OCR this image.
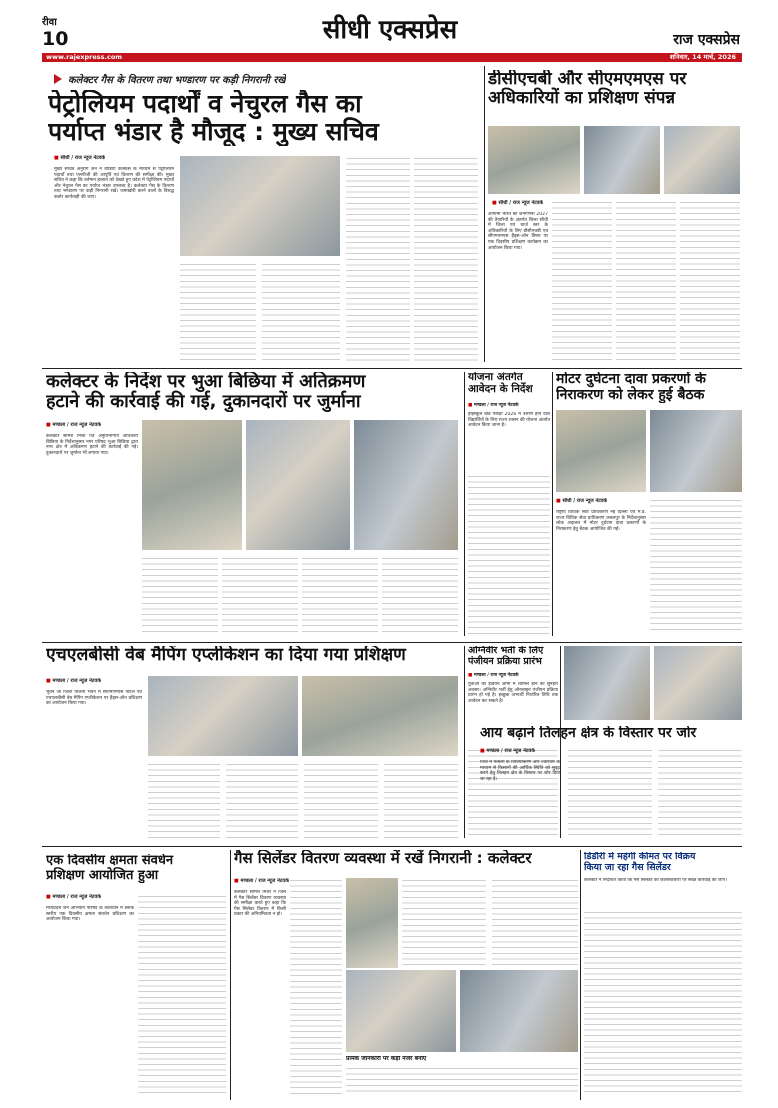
रीवा
10	सीधी एक्सप्रेस	राज एक्सप्रेस
www.rajexpress.com	शनिवार, 14 मार्च, 2026
कलेक्टर गैस के वितरण तथा भण्डारण पर कड़ी निगरानी रखें
पेट्रोलियम पदार्थों व नेचुरल गैस का
पर्याप्त भंडार है मौजूद : मुख्य सचिव
■ सीधी / राज न्यूज नेटवर्क
मुख्य सचिव अनुराग जैन ने वीडियो कॉन्फ्रेंस के माध्यम से पेट्रोलियम पदार्थों तथा एलपीजी की आपूर्ति एवं वितरण की समीक्षा की। मुख्य सचिव ने कहा कि वर्तमान हालात को देखते हुए प्रदेश में पेट्रोलियम पदार्थों और नेचुरल गैस का पर्याप्त भंडार उपलब्ध है। कलेक्टर गैस के वितरण तथा भण्डारण पर कड़ी निगरानी रखें। जमाखोरी करने वालों के विरुद्ध कठोर कार्यवाही की जाए।
डीसीएचबी और सीएमएमएस पर
अधिकारियों का प्रशिक्षण संपन्न
■ सीधी / राज न्यूज नेटवर्क
आगामी भारत की जनगणना 2027 की तैयारियों के अंतर्गत जिला सीधी में जिला एवं चार्ज स्तर के अधिकारियों के लिए डीसीएचबी एवं सीएमएमएस हैंड्स-ऑन विषय पर एक दिवसीय प्रशिक्षण कार्यक्रम का आयोजन किया गया।
कलेक्टर के निर्देश पर भुआ बिछिया में अतिक्रमण
हटाने की कार्रवाई की गई, दुकानदारों पर जुर्माना
■ मण्डला / राज न्यूज नेटवर्क
कलेक्टर सोमेश मिश्रा एवं अनुविभागीय अधिकारी बिछिया के निर्देशानुसार नगर परिषद भुआ बिछिया द्वारा नगर क्षेत्र में अतिक्रमण हटाने की कार्रवाई की गई। दुकानदारों पर जुर्माना भी लगाया गया।
योजना अंतर्गत
आवेदन के निर्देश
■ मण्डला / राज न्यूज नेटवर्क
हाईस्कूल बोर्ड परीक्षा 2026 में उत्तीर्ण होने वाले विद्यार्थियों के लिए राज्य शासन की योजना अंतर्गत आवेदन किया जाना है।
मोटर दुर्घटना दावा प्रकरणों के
निराकरण को लेकर हुई बैठक
■ सीधी / राज न्यूज नेटवर्क
राष्ट्रीय विधिक सेवा प्राधिकरण नई दिल्ली एवं म.प्र. राज्य विधिक सेवा प्राधिकरण जबलपुर के निर्देशानुसार लोक अदालत में मोटर दुर्घटना दावा प्रकरणों के निराकरण हेतु बैठक आयोजित की गई।
एचएलबीसी वेब मैपिंग एप्लीकेशन का दिया गया प्रशिक्षण
■ मण्डला / राज न्यूज नेटवर्क
भुवन जी जिला योजना भवन में सीएमएमएस पोर्टल एवं एचएलबीसी वेब मैपिंग एप्लीकेशन पर हैंड्स-ऑन प्रशिक्षण का आयोजन किया गया।
अग्निवीर भर्ती के लिए
पंजीयन प्रक्रिया प्रारंभ
■ मण्डला / राज न्यूज नेटवर्क
युवाओं को इंडियन आर्मी में शामिल होने का सुनहरा अवसर। अग्निवीर भर्ती हेतु ऑनलाइन पंजीयन प्रक्रिया प्रारंभ हो गई है। इच्छुक अभ्यर्थी निर्धारित तिथि तक आवेदन कर सकते हैं।
आय बढ़ाने तिलहन क्षेत्र के विस्तार पर जोर
■ मण्डला / राज न्यूज नेटवर्क
जिले में फसलों के विविधीकरण और ज्वारवार के माध्यम से किसानों की आर्थिक स्थिति को सुदृढ़ करने हेतु तिलहन क्षेत्र के विस्तार पर जोर दिया जा रहा है।
एक दिवसीय क्षमता संवर्धन
प्रशिक्षण आयोजित हुआ
■ मण्डला / राज न्यूज नेटवर्क
मध्यप्रदेश जन अभियान परिषद के तत्वाधान में ब्लॉक स्तरीय एक दिवसीय क्षमता संवर्धन प्रशिक्षण का आयोजन किया गया।
गैस सिलेंडर वितरण व्यवस्था में रखें निगरानी : कलेक्टर
■ मण्डला / राज न्यूज नेटवर्क
कलेक्टर सोमेश मिश्रा ने जिले में गैस सिलेंडर वितरण व्यवस्था की समीक्षा करते हुए कहा कि गैस सिलेंडर वितरण में किसी प्रकार की अनियमितता न हो।
प्रामक जानकारी पर कड़ी नजर बनाए
डिंडौरी में महंगी कीमत पर विक्रय
किया जा रहा गैस सिलेंडर
कलेक्टर ने निर्देशित किया कि गैस सिलेंडर की कालाबाजारी पर सख्त कार्रवाई की जाए।
